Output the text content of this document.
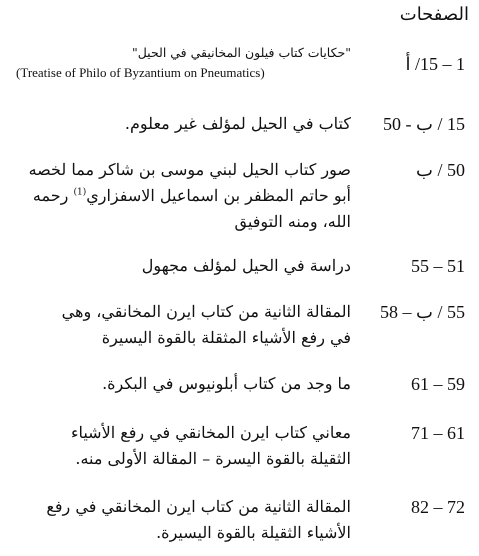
الصفحات
1 – 15/ أ
"حكايات كتاب فيلون المخانيقي في الحيل"
(Treatise of Philo of Byzantium on Pneumatics)
15 / ب - 50
كتاب في الحيل لمؤلف غير معلوم.
50 / ب
صور كتاب الحيل لبني موسى بن شاكر مما لخصه
أبو حاتم المظفر بن اسماعيل الاسفزاري$^{(1)}$ رحمه
الله، ومنه التوفيق
51 – 55
دراسة في الحيل لمؤلف مجهول
55 / ب – 58
المقالة الثانية من كتاب ايرن المخانقي، وهي
في رفع الأشياء المثقلة بالقوة اليسيرة
59 – 61
ما وجد من كتاب أبلونيوس في البكرة.
61 – 71
معاني كتاب ايرن المخانقي في رفع الأشياء
الثقيلة بالقوة اليسرة – المقالة الأولى منه.
72 – 82
المقالة الثانية من كتاب ايرن المخانقي في رفع
الأشياء الثقيلة بالقوة اليسيرة.
